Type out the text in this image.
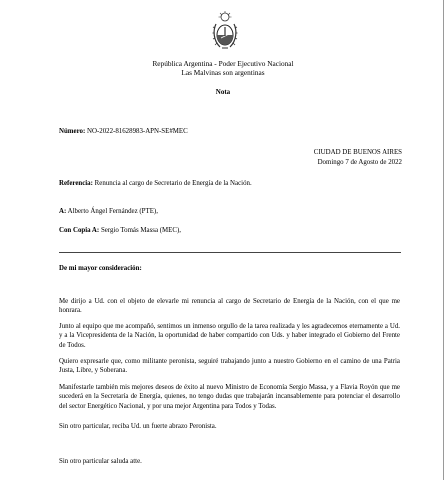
República Argentina - Poder Ejecutivo Nacional
Las Malvinas son argentinas
Nota
Número: NO-2022-81628983-APN-SE#MEC
CIUDAD DE BUENOS AIRES
Domingo 7 de Agosto de 2022
Referencia: Renuncia al cargo de Secretario de Energía de la Nación.
A: Alberto Ángel Fernández (PTE),
Con Copia A: Sergio Tomás Massa (MEC),
De mi mayor consideración:
Me dirijo a Ud. con el objeto de elevarle mi renuncia al cargo de Secretario de Energía de la Nación, con el que me honrara.
Junto al equipo que me acompañó, sentimos un inmenso orgullo de la tarea realizada y les agradecemos eternamente a Ud. y a la Vicepresidenta de la Nación, la oportunidad de haber compartido con Uds. y haber integrado el Gobierno del Frente de Todos.
Quiero expresarle que, como militante peronista, seguiré trabajando junto a nuestro Gobierno en el camino de una Patria Justa, Libre, y Soberana.
Manifestarle también mis mejores deseos de éxito al nuevo Ministro de Economía Sergio Massa, y a Flavia Royón que me sucederá en la Secretaría de Energía, quienes, no tengo dudas que trabajarán incansablemente para potenciar el desarrollo del sector Energético Nacional, y por una mejor Argentina para Todos y Todas.
Sin otro particular, reciba Ud. un fuerte abrazo Peronista.
Sin otro particular saluda atte.
